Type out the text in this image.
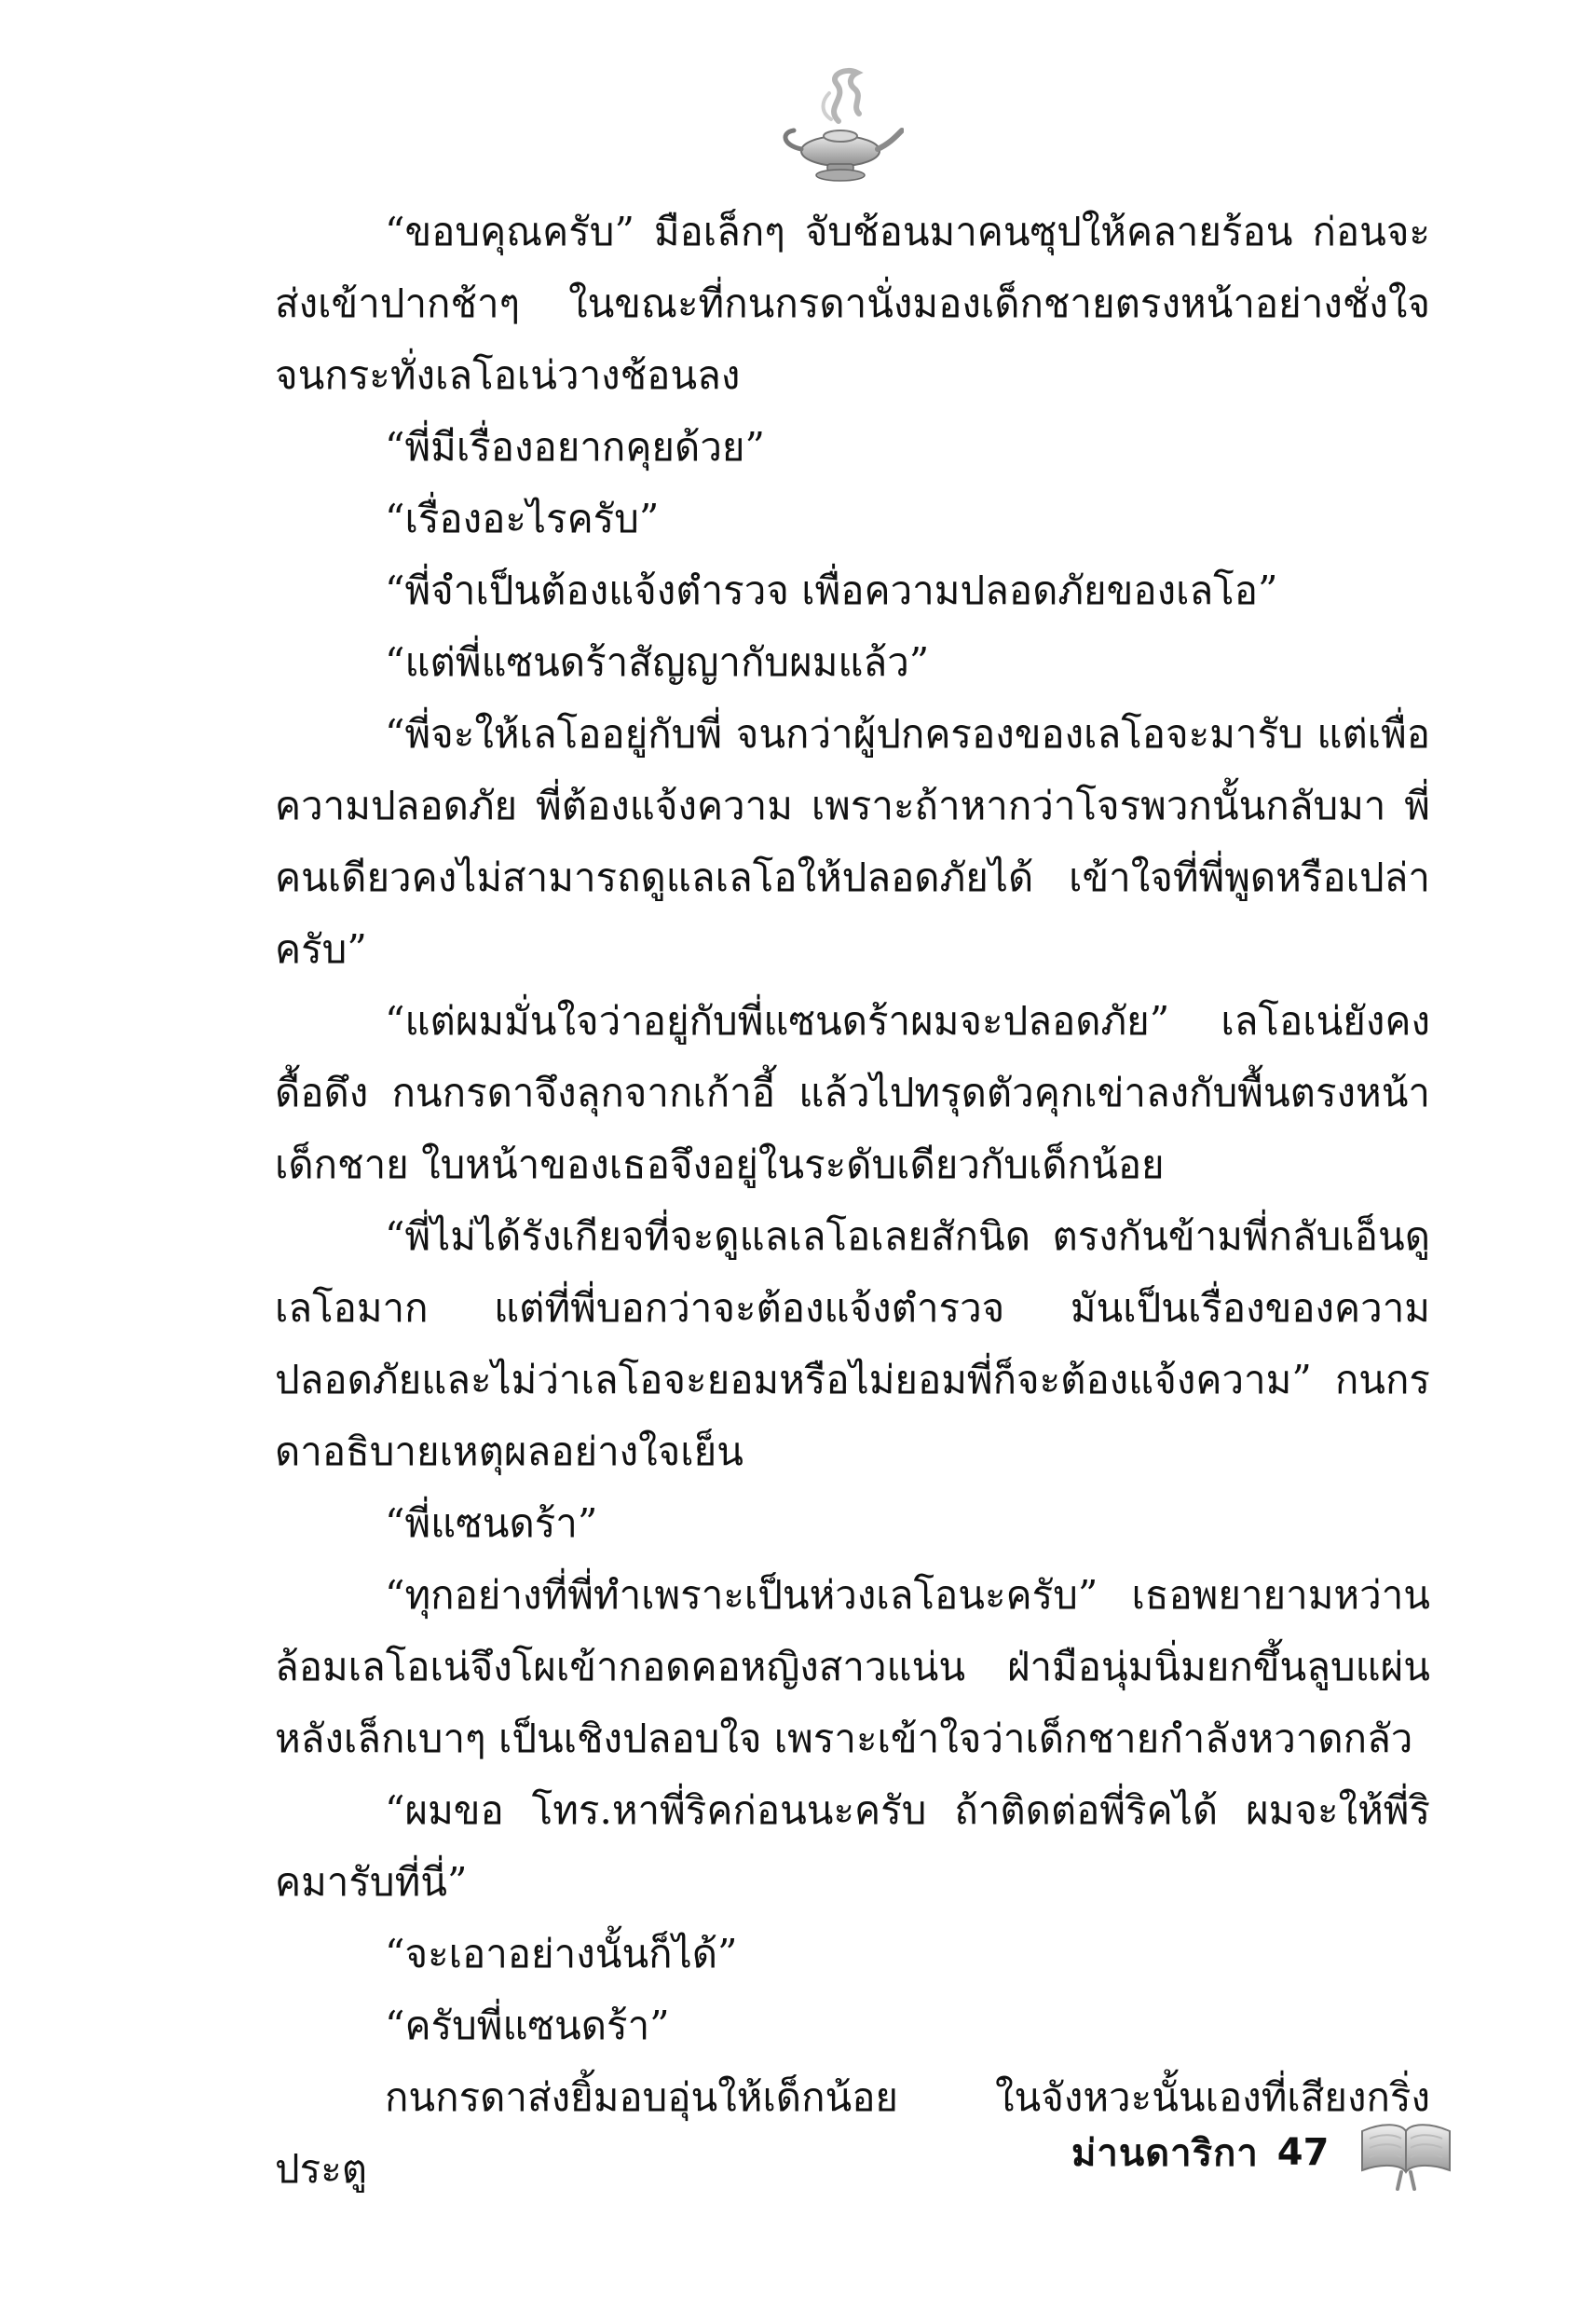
“ขอบคุณครับ” มือเล็กๆ จับช้อนมาคนซุปให้คลายร้อน ก่อนจะส่งเข้าปากช้าๆ ในขณะที่กนกรดานั่งมองเด็กชายตรงหน้าอย่างชั่งใจจนกระทั่งเลโอเน่วางช้อนลง

“พี่มีเรื่องอยากคุยด้วย”

“เรื่องอะไรครับ”

“พี่จำเป็นต้องแจ้งตำรวจ เพื่อความปลอดภัยของเลโอ”

“แต่พี่แซนดร้าสัญญากับผมแล้ว”

“พี่จะให้เลโออยู่กับพี่ จนกว่าผู้ปกครองของเลโอจะมารับ แต่เพื่อความปลอดภัย พี่ต้องแจ้งความ เพราะถ้าหากว่าโจรพวกนั้นกลับมา พี่คนเดียวคงไม่สามารถดูแลเลโอให้ปลอดภัยได้ เข้าใจที่พี่พูดหรือเปล่าครับ”

“แต่ผมมั่นใจว่าอยู่กับพี่แซนดร้าผมจะปลอดภัย” เลโอเน่ยังคงดื้อดึง กนกรดาจึงลุกจากเก้าอี้ แล้วไปทรุดตัวคุกเข่าลงกับพื้นตรงหน้าเด็กชาย ใบหน้าของเธอจึงอยู่ในระดับเดียวกับเด็กน้อย

“พี่ไม่ได้รังเกียจที่จะดูแลเลโอเลยสักนิด ตรงกันข้ามพี่กลับเอ็นดูเลโอมาก แต่ที่พี่บอกว่าจะต้องแจ้งตำรวจ มันเป็นเรื่องของความปลอดภัยและไม่ว่าเลโอจะยอมหรือไม่ยอมพี่ก็จะต้องแจ้งความ” กนกรดาอธิบายเหตุผลอย่างใจเย็น

“พี่แซนดร้า”

“ทุกอย่างที่พี่ทำเพราะเป็นห่วงเลโอนะครับ” เธอพยายามหว่านล้อมเลโอเน่จึงโผเข้ากอดคอหญิงสาวแน่น ฝ่ามือนุ่มนิ่มยกขึ้นลูบแผ่นหลังเล็กเบาๆ เป็นเชิงปลอบใจ เพราะเข้าใจว่าเด็กชายกำลังหวาดกลัว

“ผมขอ โทร.หาพี่ริคก่อนนะครับ ถ้าติดต่อพี่ริคได้ ผมจะให้พี่ริคมารับที่นี่”

“จะเอาอย่างนั้นก็ได้”

“ครับพี่แซนดร้า”

กนกรดาส่งยิ้มอบอุ่นให้เด็กน้อย ในจังหวะนั้นเองที่เสียงกริ่งประตู	ม่านดาริกา 47
